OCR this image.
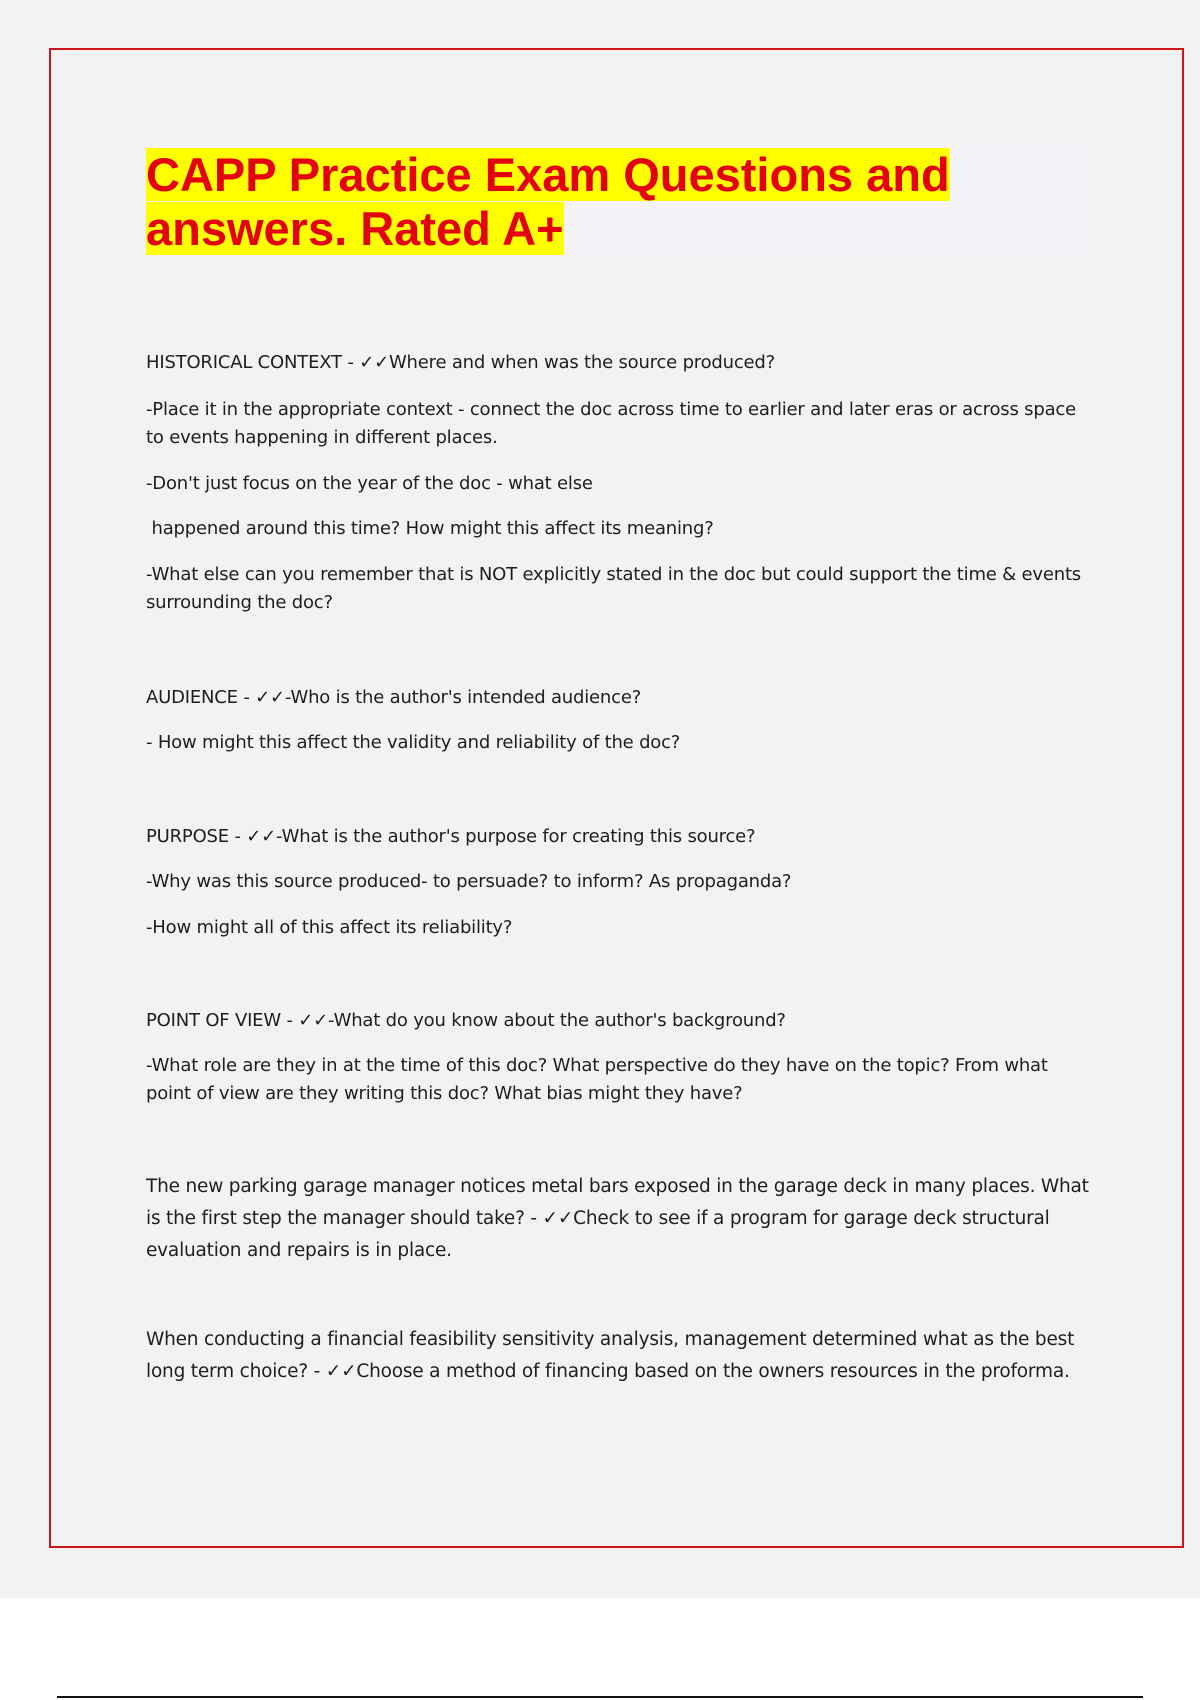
CAPP Practice Exam Questions and answers. Rated A+

HISTORICAL CONTEXT - ✓✓Where and when was the source produced?

-Place it in the appropriate context - connect the doc across time to earlier and later eras or across space to events happening in different places.

-Don't just focus on the year of the doc - what else

happened around this time? How might this affect its meaning?

-What else can you remember that is NOT explicitly stated in the doc but could support the time & events surrounding the doc?

AUDIENCE - ✓✓-Who is the author's intended audience?

- How might this affect the validity and reliability of the doc?

PURPOSE - ✓✓-What is the author's purpose for creating this source?

-Why was this source produced- to persuade? to inform? As propaganda?

-How might all of this affect its reliability?

POINT OF VIEW - ✓✓-What do you know about the author's background?

-What role are they in at the time of this doc? What perspective do they have on the topic? From what point of view are they writing this doc? What bias might they have?

The new parking garage manager notices metal bars exposed in the garage deck in many places. What is the first step the manager should take? - ✓✓Check to see if a program for garage deck structural evaluation and repairs is in place.

When conducting a financial feasibility sensitivity analysis, management determined what as the best long term choice? - ✓✓Choose a method of financing based on the owners resources in the proforma.
